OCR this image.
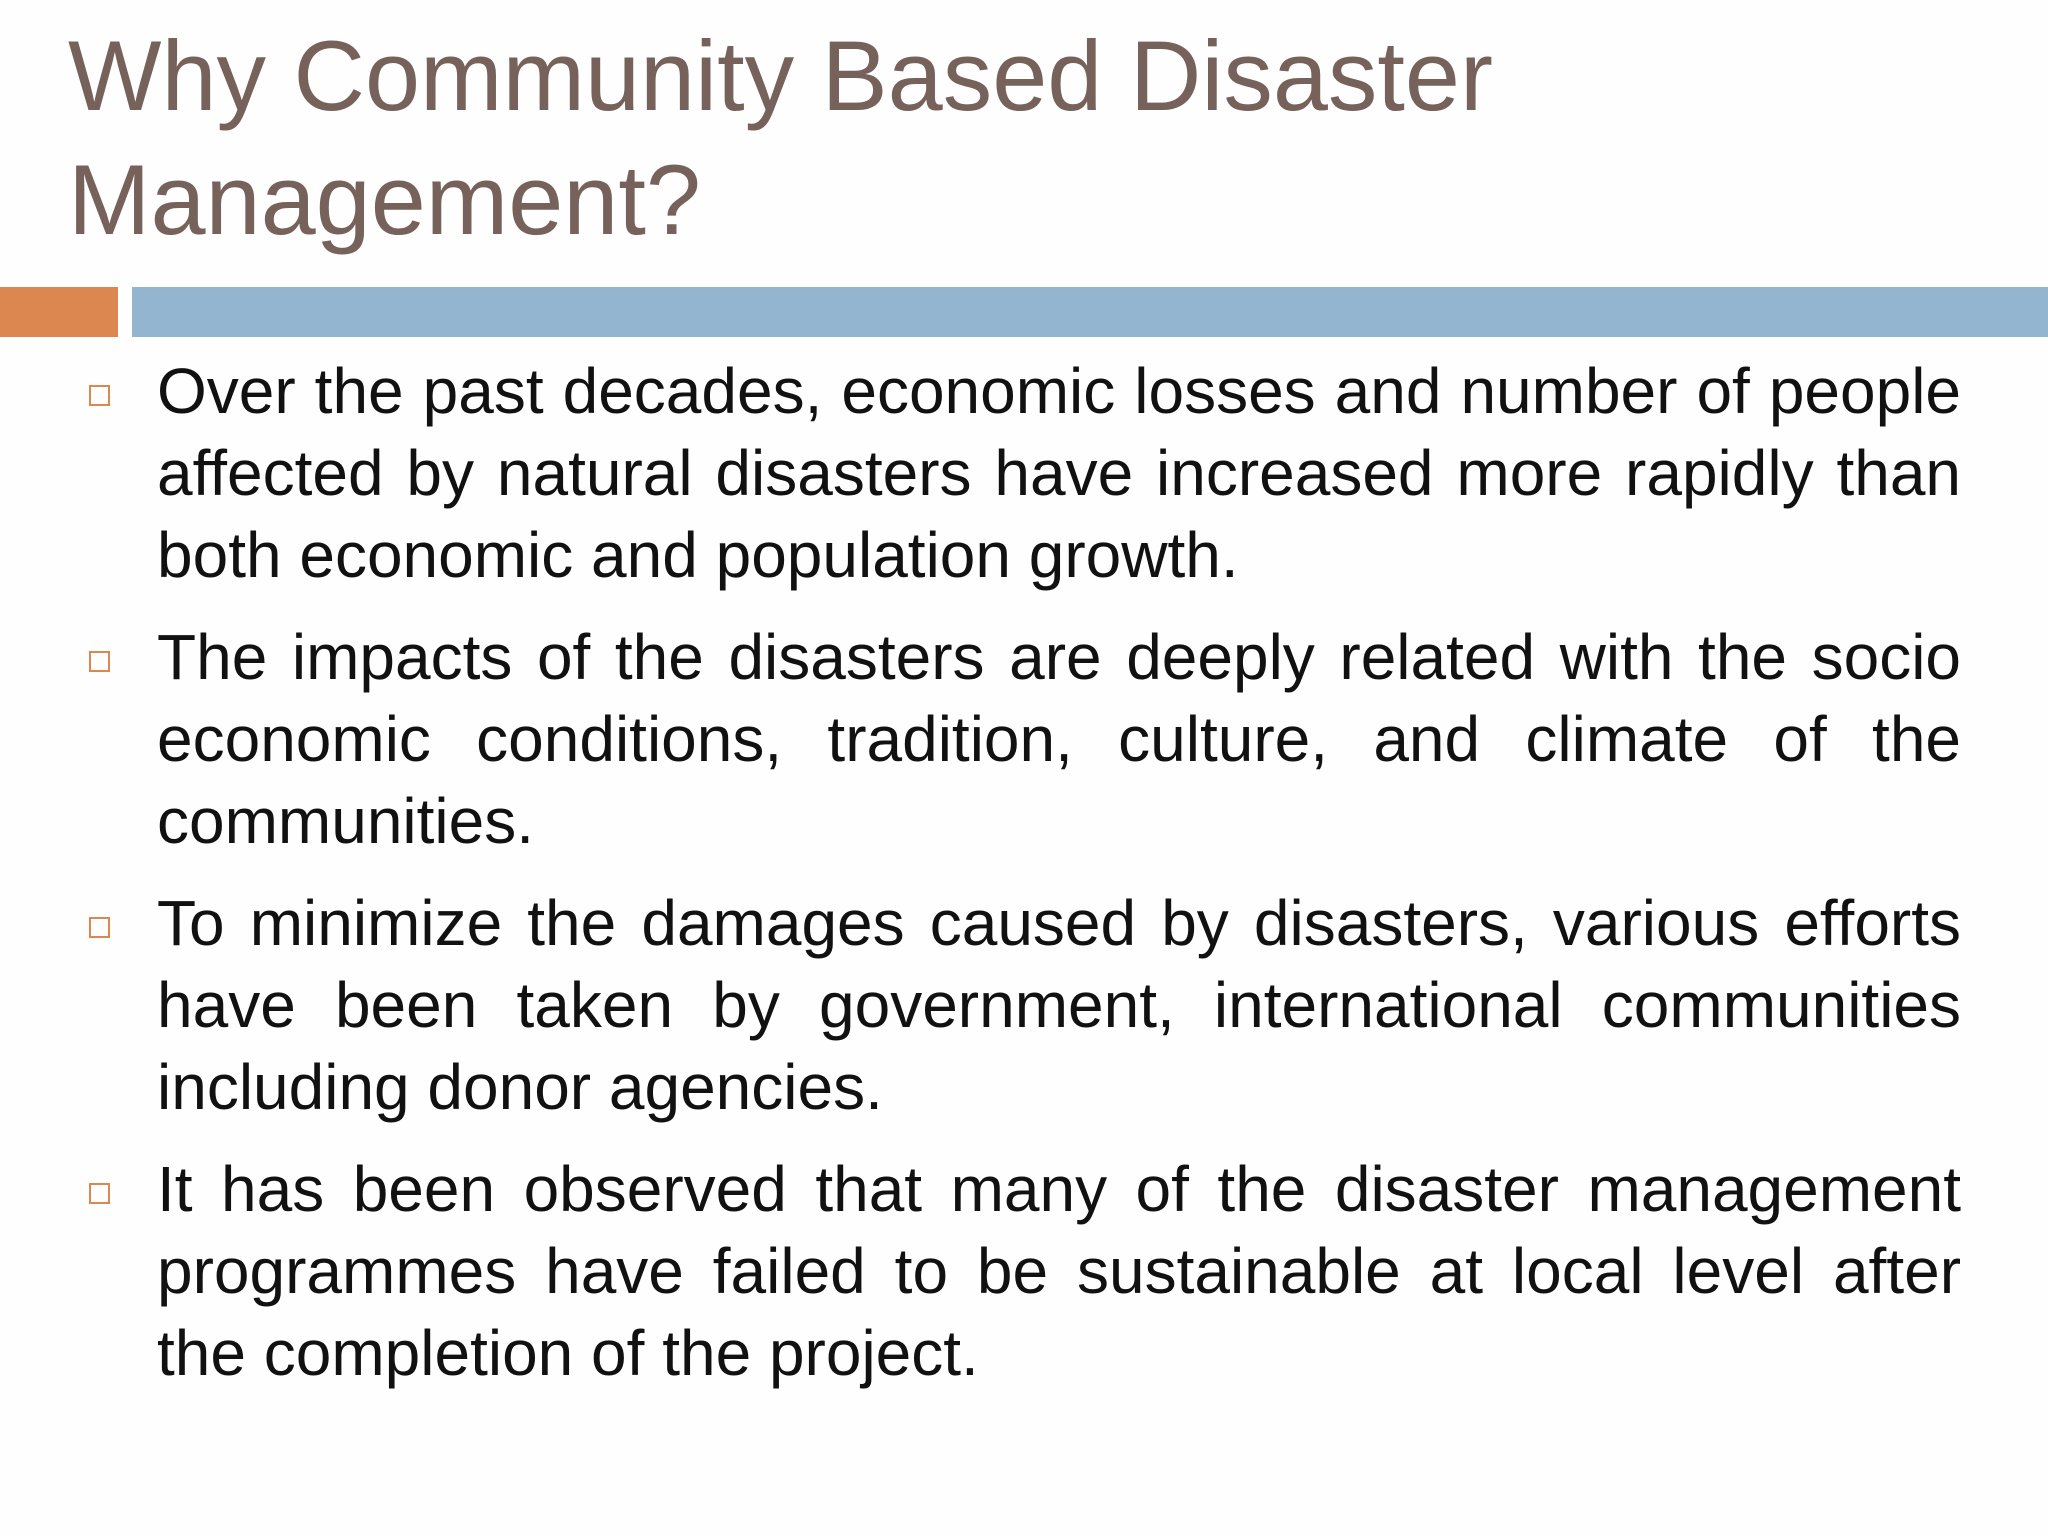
Why Community Based Disaster Management?
Over the past decades, economic losses and number of people affected by natural disasters have increased more rapidly than both economic and population growth.
The impacts of the disasters are deeply related with the socio economic conditions, tradition, culture, and climate of the communities.
To minimize the damages caused by disasters, various efforts have been taken by government, international communities including donor agencies.
It has been observed that many of the disaster management programmes have failed to be sustainable at local level after the completion of the project.
